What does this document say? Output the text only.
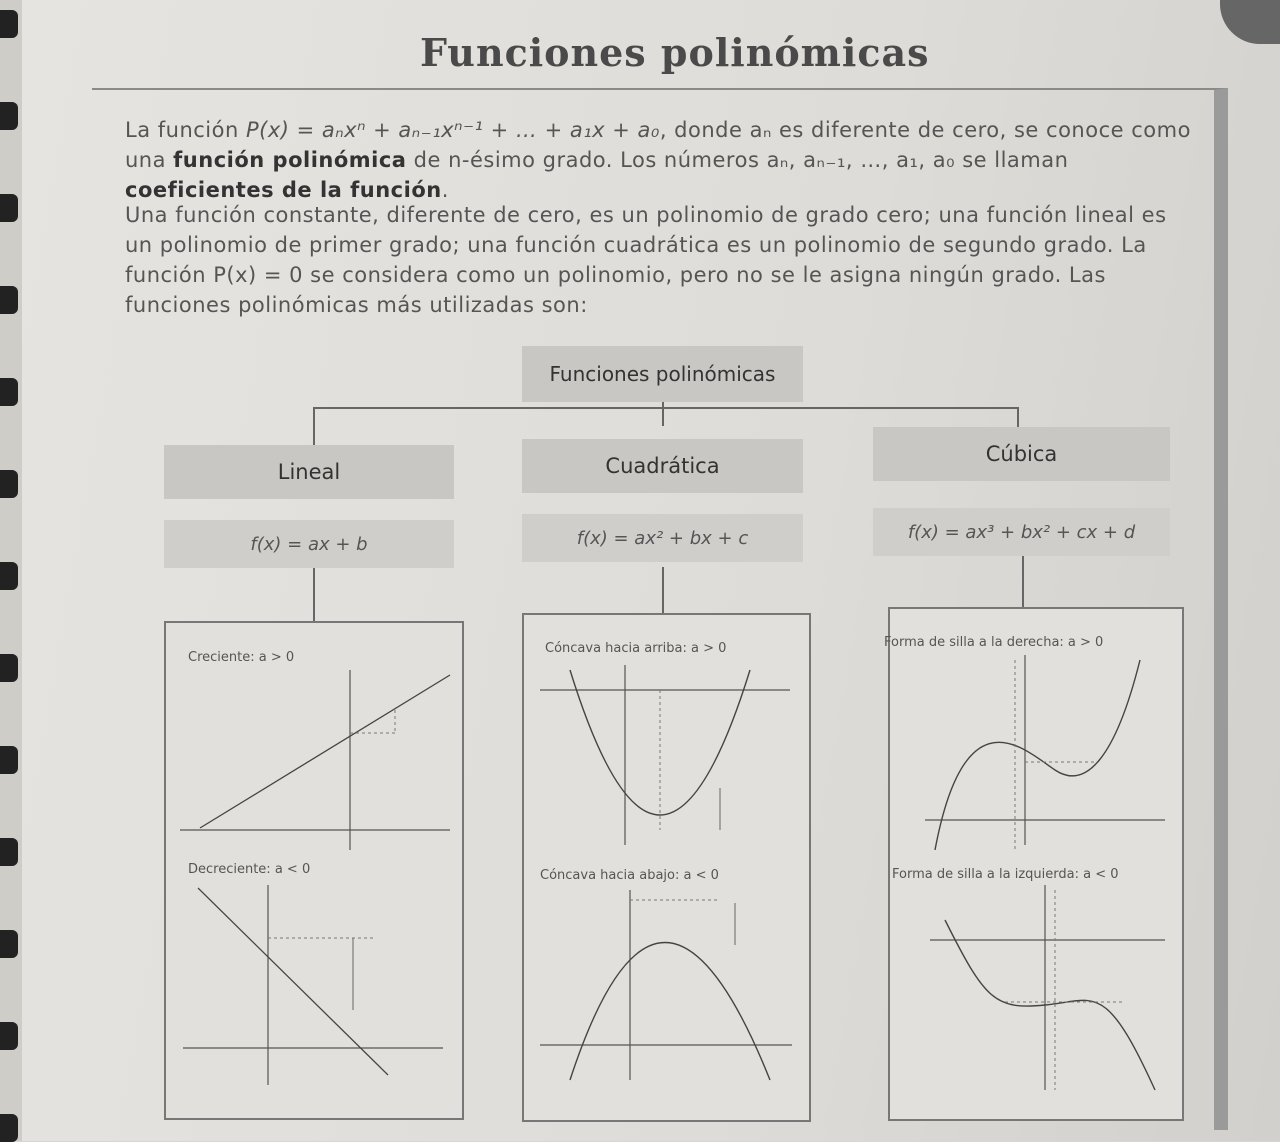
Funciones polinómicas

La función P(x) = aₙxⁿ + aₙ₋₁xⁿ⁻¹ + … + a₁x + a₀, donde aₙ es diferente de cero, se conoce como una función polinómica de n-ésimo grado. Los números aₙ, aₙ₋₁, …, a₁, a₀ se llaman coeficientes de la función.

Una función constante, diferente de cero, es un polinomio de grado cero; una función lineal es un polinomio de primer grado; una función cuadrática es un polinomio de segundo grado. La función P(x) = 0 se considera como un polinomio, pero no se le asigna ningún grado. Las funciones polinómicas más utilizadas son:

Funciones polinómicas
Lineal	Cuadrática	Cúbica
f(x) = ax + b	f(x) = ax² + bx + c	f(x) = ax³ + bx² + cx + d
Creciente: a > 0
Decreciente: a < 0
Cóncava hacia arriba: a > 0
Cóncava hacia abajo: a < 0
Forma de silla a la derecha: a > 0
Forma de silla a la izquierda: a < 0
